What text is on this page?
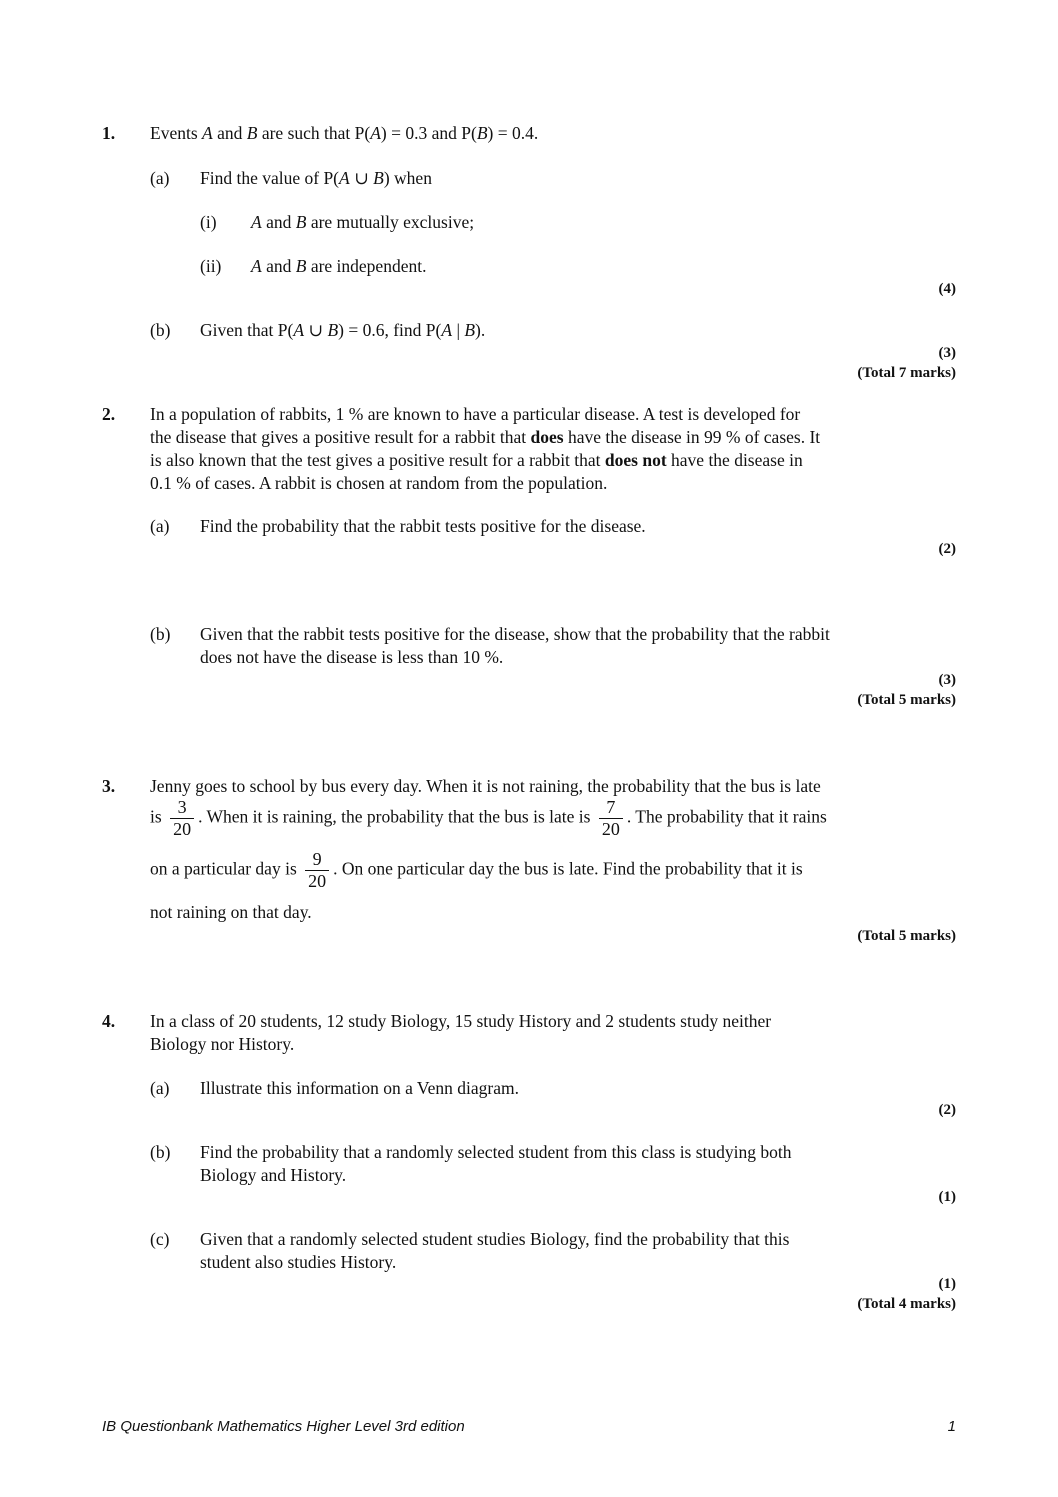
1. Events A and B are such that P(A) = 0.3 and P(B) = 0.4.
(a) Find the value of P(A ∪ B) when
(i) A and B are mutually exclusive;
(ii) A and B are independent.
(4)
(b) Given that P(A ∪ B) = 0.6, find P(A | B).
(3)
(Total 7 marks)
2. In a population of rabbits, 1 % are known to have a particular disease. A test is developed for
the disease that gives a positive result for a rabbit that does have the disease in 99 % of cases. It
is also known that the test gives a positive result for a rabbit that does not have the disease in
0.1 % of cases. A rabbit is chosen at random from the population.
(a) Find the probability that the rabbit tests positive for the disease.
(2)
(b) Given that the rabbit tests positive for the disease, show that the probability that the rabbit
does not have the disease is less than 10 %.
(3)
(Total 5 marks)
3. Jenny goes to school by bus every day. When it is not raining, the probability that the bus is late
is $\frac{3}{20}$ . When it is raining, the probability that the bus is late is $\frac{7}{20}$ . The probability that it rains
on a particular day is $\frac{9}{20}$ . On one particular day the bus is late. Find the probability that it is
not raining on that day.
(Total 5 marks)
4. In a class of 20 students, 12 study Biology, 15 study History and 2 students study neither
Biology nor History.
(a) Illustrate this information on a Venn diagram.
(2)
(b) Find the probability that a randomly selected student from this class is studying both
Biology and History.
(1)
(c) Given that a randomly selected student studies Biology, find the probability that this
student also studies History.
(1)
(Total 4 marks)
IB Questionbank Mathematics Higher Level 3rd edition	1
